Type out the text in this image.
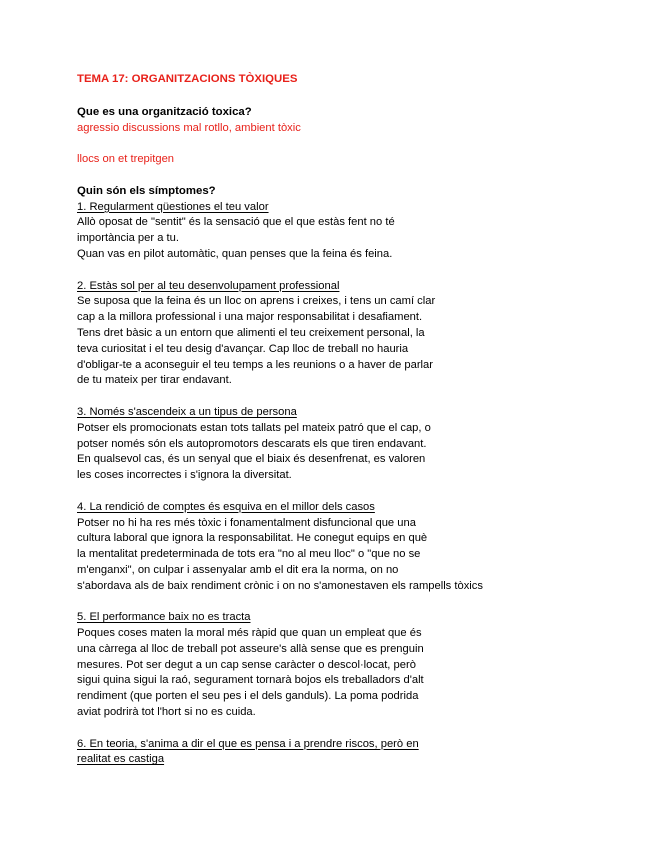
TEMA 17: ORGANITZACIONS TÒXIQUES
Que es una organització toxica?
agressio discussions mal rotllo, ambient tòxic
llocs on et trepitgen
Quin són els símptomes?
1. Regularment qüestiones el teu valor
Allò oposat de "sentit" és la sensació que el que estàs fent no té
importància per a tu.
Quan vas en pilot automàtic, quan penses que la feina és feina.
2. Estàs sol per al teu desenvolupament professional
Se suposa que la feina és un lloc on aprens i creixes, i tens un camí clar
cap a la millora professional i una major responsabilitat i desafiament.
Tens dret bàsic a un entorn que alimenti el teu creixement personal, la
teva curiositat i el teu desig d'avançar. Cap lloc de treball no hauria
d'obligar-te a aconseguir el teu temps a les reunions o a haver de parlar
de tu mateix per tirar endavant.
3. Només s'ascendeix a un tipus de persona
Potser els promocionats estan tots tallats pel mateix patró que el cap, o
potser només són els autopromotors descarats els que tiren endavant.
En qualsevol cas, és un senyal que el biaix és desenfrenat, es valoren
les coses incorrectes i s'ignora la diversitat.
4. La rendició de comptes és esquiva en el millor dels casos
Potser no hi ha res més tòxic i fonamentalment disfuncional que una
cultura laboral que ignora la responsabilitat. He conegut equips en què
la mentalitat predeterminada de tots era "no al meu lloc" o "que no se
m'enganxi", on culpar i assenyalar amb el dit era la norma, on no
s'abordava als de baix rendiment crònic i on no s'amonestaven els rampells tòxics
5. El performance baix no es tracta
Poques coses maten la moral més ràpid que quan un empleat que és
una càrrega al lloc de treball pot asseure's allà sense que es prenguin
mesures. Pot ser degut a un cap sense caràcter o descol·locat, però
sigui quina sigui la raó, segurament tornarà bojos els treballadors d'alt
rendiment (que porten el seu pes i el dels ganduls). La poma podrida
aviat podrirà tot l'hort si no es cuida.
6. En teoria, s'anima a dir el que es pensa i a prendre riscos, però en
realitat es castiga
